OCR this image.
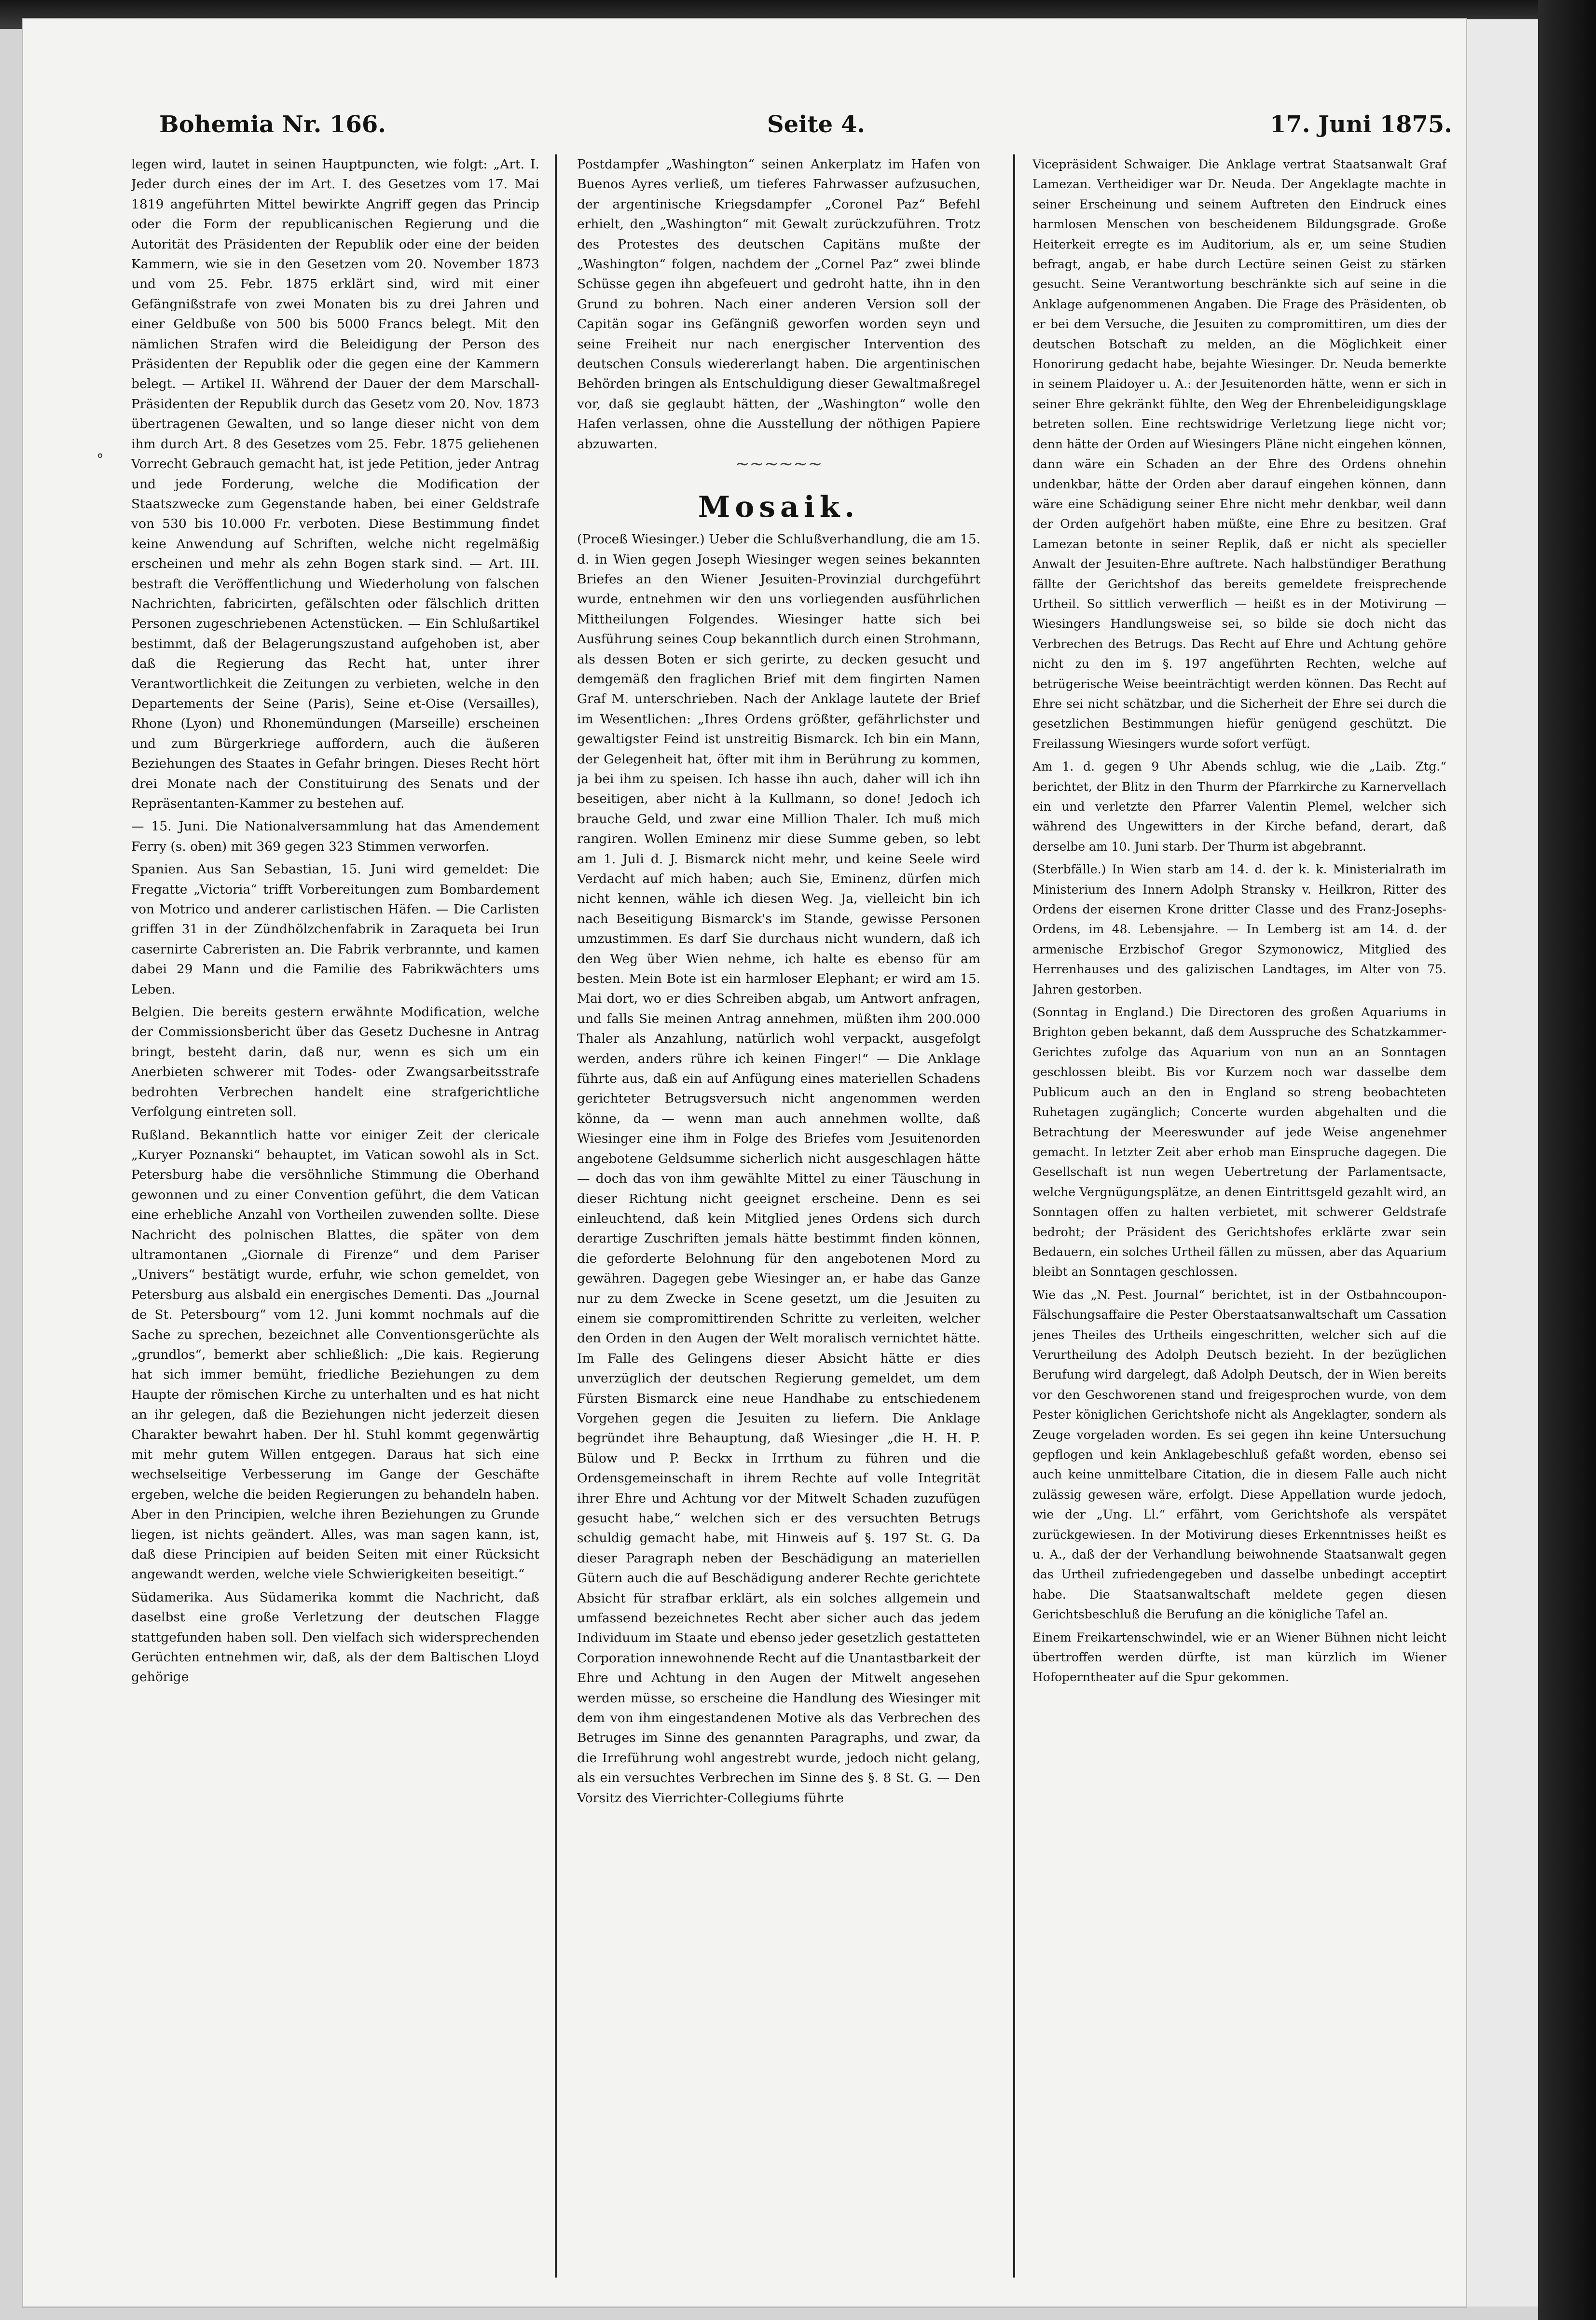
Bohemia Nr. 166.	Seite 4.	17. Juni 1875.
°

legen wird, lautet in seinen Hauptpuncten, wie folgt: „Art. I. Jeder durch eines der im Art. I. des Gesetzes vom 17. Mai 1819 angeführten Mittel bewirkte Angriff gegen das Princip oder die Form der republicanischen Regierung und die Autorität des Präsidenten der Republik oder eine der beiden Kammern, wie sie in den Gesetzen vom 20. November 1873 und vom 25. Febr. 1875 erklärt sind, wird mit einer Gefängnißstrafe von zwei Monaten bis zu drei Jahren und einer Geldbuße von 500 bis 5000 Francs belegt. Mit den nämlichen Strafen wird die Beleidigung der Person des Präsidenten der Republik oder die gegen eine der Kammern belegt. — Artikel II. Während der Dauer der dem Marschall-Präsidenten der Republik durch das Gesetz vom 20. Nov. 1873 übertragenen Gewalten, und so lange dieser nicht von dem ihm durch Art. 8 des Gesetzes vom 25. Febr. 1875 geliehenen Vorrecht Gebrauch gemacht hat, ist jede Petition, jeder Antrag und jede Forderung, welche die Modification der Staatszwecke zum Gegenstande haben, bei einer Geldstrafe von 530 bis 10.000 Fr. verboten. Diese Bestimmung findet keine Anwendung auf Schriften, welche nicht regelmäßig erscheinen und mehr als zehn Bogen stark sind. — Art. III. bestraft die Veröffentlichung und Wiederholung von falschen Nachrichten, fabricirten, gefälschten oder fälschlich dritten Personen zugeschriebenen Actenstücken. — Ein Schlußartikel bestimmt, daß der Belagerungszustand aufgehoben ist, aber daß die Regierung das Recht hat, unter ihrer Verantwortlichkeit die Zeitungen zu verbieten, welche in den Departements der Seine (Paris), Seine et-Oise (Versailles), Rhone (Lyon) und Rhonemündungen (Marseille) erscheinen und zum Bürgerkriege auffordern, auch die äußeren Beziehungen des Staates in Gefahr bringen. Dieses Recht hört drei Monate nach der Constituirung des Senats und der Repräsentanten-Kammer zu bestehen auf.

— 15. Juni. Die Nationalversammlung hat das Amendement Ferry (s. oben) mit 369 gegen 323 Stimmen verworfen.

Spanien. Aus San Sebastian, 15. Juni wird gemeldet: Die Fregatte „Victoria“ trifft Vorbereitungen zum Bombardement von Motrico und anderer carlistischen Häfen. — Die Carlisten griffen 31 in der Zündhölzchenfabrik in Zaraqueta bei Irun casernirte Cabreristen an. Die Fabrik verbrannte, und kamen dabei 29 Mann und die Familie des Fabrikwächters ums Leben.

Belgien. Die bereits gestern erwähnte Modification, welche der Commissionsbericht über das Gesetz Duchesne in Antrag bringt, besteht darin, daß nur, wenn es sich um ein Anerbieten schwerer mit Todes- oder Zwangsarbeitsstrafe bedrohten Verbrechen handelt eine strafgerichtliche Verfolgung eintreten soll.

Rußland. Bekanntlich hatte vor einiger Zeit der clericale „Kuryer Poznanski“ behauptet, im Vatican sowohl als in Sct. Petersburg habe die versöhnliche Stimmung die Oberhand gewonnen und zu einer Convention geführt, die dem Vatican eine erhebliche Anzahl von Vortheilen zuwenden sollte. Diese Nachricht des polnischen Blattes, die später von dem ultramontanen „Giornale di Firenze“ und dem Pariser „Univers“ bestätigt wurde, erfuhr, wie schon gemeldet, von Petersburg aus alsbald ein energisches Dementi. Das „Journal de St. Petersbourg“ vom 12. Juni kommt nochmals auf die Sache zu sprechen, bezeichnet alle Conventionsgerüchte als „grundlos“, bemerkt aber schließlich: „Die kais. Regierung hat sich immer bemüht, friedliche Beziehungen zu dem Haupte der römischen Kirche zu unterhalten und es hat nicht an ihr gelegen, daß die Beziehungen nicht jederzeit diesen Charakter bewahrt haben. Der hl. Stuhl kommt gegenwärtig mit mehr gutem Willen entgegen. Daraus hat sich eine wechselseitige Verbesserung im Gange der Geschäfte ergeben, welche die beiden Regierungen zu behandeln haben. Aber in den Principien, welche ihren Beziehungen zu Grunde liegen, ist nichts geändert. Alles, was man sagen kann, ist, daß diese Principien auf beiden Seiten mit einer Rücksicht angewandt werden, welche viele Schwierigkeiten beseitigt.“

Südamerika. Aus Südamerika kommt die Nachricht, daß daselbst eine große Verletzung der deutschen Flagge stattgefunden haben soll. Den vielfach sich widersprechenden Gerüchten entnehmen wir, daß, als der dem Baltischen Lloyd gehörige

Postdampfer „Washington“ seinen Ankerplatz im Hafen von Buenos Ayres verließ, um tieferes Fahrwasser aufzusuchen, der argentinische Kriegsdampfer „Coronel Paz“ Befehl erhielt, den „Washington“ mit Gewalt zurückzuführen. Trotz des Protestes des deutschen Capitäns mußte der „Washington“ folgen, nachdem der „Cornel Paz“ zwei blinde Schüsse gegen ihn abgefeuert und gedroht hatte, ihn in den Grund zu bohren. Nach einer anderen Version soll der Capitän sogar ins Gefängniß geworfen worden seyn und seine Freiheit nur nach energischer Intervention des deutschen Consuls wiedererlangt haben. Die argentinischen Behörden bringen als Entschuldigung dieser Gewaltmaßregel vor, daß sie geglaubt hätten, der „Washington“ wolle den Hafen verlassen, ohne die Ausstellung der nöthigen Papiere abzuwarten.

∼∼∼∼∼∼
Mosaik.

(Proceß Wiesinger.) Ueber die Schlußverhandlung, die am 15. d. in Wien gegen Joseph Wiesinger wegen seines bekannten Briefes an den Wiener Jesuiten-Provinzial durchgeführt wurde, entnehmen wir den uns vorliegenden ausführlichen Mittheilungen Folgendes. Wiesinger hatte sich bei Ausführung seines Coup bekanntlich durch einen Strohmann, als dessen Boten er sich gerirte, zu decken gesucht und demgemäß den fraglichen Brief mit dem fingirten Namen Graf M. unterschrieben. Nach der Anklage lautete der Brief im Wesentlichen: „Ihres Ordens größter, gefährlichster und gewaltigster Feind ist unstreitig Bismarck. Ich bin ein Mann, der Gelegenheit hat, öfter mit ihm in Berührung zu kommen, ja bei ihm zu speisen. Ich hasse ihn auch, daher will ich ihn beseitigen, aber nicht à la Kullmann, so done! Jedoch ich brauche Geld, und zwar eine Million Thaler. Ich muß mich rangiren. Wollen Eminenz mir diese Summe geben, so lebt am 1. Juli d. J. Bismarck nicht mehr, und keine Seele wird Verdacht auf mich haben; auch Sie, Eminenz, dürfen mich nicht kennen, wähle ich diesen Weg. Ja, vielleicht bin ich nach Beseitigung Bismarck's im Stande, gewisse Personen umzustimmen. Es darf Sie durchaus nicht wundern, daß ich den Weg über Wien nehme, ich halte es ebenso für am besten. Mein Bote ist ein harmloser Elephant; er wird am 15. Mai dort, wo er dies Schreiben abgab, um Antwort anfragen, und falls Sie meinen Antrag annehmen, müßten ihm 200.000 Thaler als Anzahlung, natürlich wohl verpackt, ausgefolgt werden, anders rühre ich keinen Finger!“ — Die Anklage führte aus, daß ein auf Anfügung eines materiellen Schadens gerichteter Betrugsversuch nicht angenommen werden könne, da — wenn man auch annehmen wollte, daß Wiesinger eine ihm in Folge des Briefes vom Jesuitenorden angebotene Geldsumme sicherlich nicht ausgeschlagen hätte — doch das von ihm gewählte Mittel zu einer Täuschung in dieser Richtung nicht geeignet erscheine. Denn es sei einleuchtend, daß kein Mitglied jenes Ordens sich durch derartige Zuschriften jemals hätte bestimmt finden können, die geforderte Belohnung für den angebotenen Mord zu gewähren. Dagegen gebe Wiesinger an, er habe das Ganze nur zu dem Zwecke in Scene gesetzt, um die Jesuiten zu einem sie compromittirenden Schritte zu verleiten, welcher den Orden in den Augen der Welt moralisch vernichtet hätte. Im Falle des Gelingens dieser Absicht hätte er dies unverzüglich der deutschen Regierung gemeldet, um dem Fürsten Bismarck eine neue Handhabe zu entschiedenem Vorgehen gegen die Jesuiten zu liefern. Die Anklage begründet ihre Behauptung, daß Wiesinger „die H. H. P. Bülow und P. Beckx in Irrthum zu führen und die Ordensgemeinschaft in ihrem Rechte auf volle Integrität ihrer Ehre und Achtung vor der Mitwelt Schaden zuzufügen gesucht habe,“ welchen sich er des versuchten Betrugs schuldig gemacht habe, mit Hinweis auf §. 197 St. G. Da dieser Paragraph neben der Beschädigung an materiellen Gütern auch die auf Beschädigung anderer Rechte gerichtete Absicht für strafbar erklärt, als ein solches allgemein und umfassend bezeichnetes Recht aber sicher auch das jedem Individuum im Staate und ebenso jeder gesetzlich gestatteten Corporation innewohnende Recht auf die Unantastbarkeit der Ehre und Achtung in den Augen der Mitwelt angesehen werden müsse, so erscheine die Handlung des Wiesinger mit dem von ihm eingestandenen Motive als das Verbrechen des Betruges im Sinne des genannten Paragraphs, und zwar, da die Irreführung wohl angestrebt wurde, jedoch nicht gelang, als ein versuchtes Verbrechen im Sinne des §. 8 St. G. — Den Vorsitz des Vierrichter-Collegiums führte

Vicepräsident Schwaiger. Die Anklage vertrat Staatsanwalt Graf Lamezan. Vertheidiger war Dr. Neuda. Der Angeklagte machte in seiner Erscheinung und seinem Auftreten den Eindruck eines harmlosen Menschen von bescheidenem Bildungsgrade. Große Heiterkeit erregte es im Auditorium, als er, um seine Studien befragt, angab, er habe durch Lectüre seinen Geist zu stärken gesucht. Seine Verantwortung beschränkte sich auf seine in die Anklage aufgenommenen Angaben. Die Frage des Präsidenten, ob er bei dem Versuche, die Jesuiten zu compromittiren, um dies der deutschen Botschaft zu melden, an die Möglichkeit einer Honorirung gedacht habe, bejahte Wiesinger. Dr. Neuda bemerkte in seinem Plaidoyer u. A.: der Jesuitenorden hätte, wenn er sich in seiner Ehre gekränkt fühlte, den Weg der Ehrenbeleidigungsklage betreten sollen. Eine rechtswidrige Verletzung liege nicht vor; denn hätte der Orden auf Wiesingers Pläne nicht eingehen können, dann wäre ein Schaden an der Ehre des Ordens ohnehin undenkbar, hätte der Orden aber darauf eingehen können, dann wäre eine Schädigung seiner Ehre nicht mehr denkbar, weil dann der Orden aufgehört haben müßte, eine Ehre zu besitzen. Graf Lamezan betonte in seiner Replik, daß er nicht als specieller Anwalt der Jesuiten-Ehre auftrete. Nach halbstündiger Berathung fällte der Gerichtshof das bereits gemeldete freisprechende Urtheil. So sittlich verwerflich — heißt es in der Motivirung — Wiesingers Handlungsweise sei, so bilde sie doch nicht das Verbrechen des Betrugs. Das Recht auf Ehre und Achtung gehöre nicht zu den im §. 197 angeführten Rechten, welche auf betrügerische Weise beeinträchtigt werden können. Das Recht auf Ehre sei nicht schätzbar, und die Sicherheit der Ehre sei durch die gesetzlichen Bestimmungen hiefür genügend geschützt. Die Freilassung Wiesingers wurde sofort verfügt.

Am 1. d. gegen 9 Uhr Abends schlug, wie die „Laib. Ztg.“ berichtet, der Blitz in den Thurm der Pfarrkirche zu Karnervellach ein und verletzte den Pfarrer Valentin Plemel, welcher sich während des Ungewitters in der Kirche befand, derart, daß derselbe am 10. Juni starb. Der Thurm ist abgebrannt.

(Sterbfälle.) In Wien starb am 14. d. der k. k. Ministerialrath im Ministerium des Innern Adolph Stransky v. Heilkron, Ritter des Ordens der eisernen Krone dritter Classe und des Franz-Josephs-Ordens, im 48. Lebensjahre. — In Lemberg ist am 14. d. der armenische Erzbischof Gregor Szymonowicz, Mitglied des Herrenhauses und des galizischen Landtages, im Alter von 75. Jahren gestorben.

(Sonntag in England.) Die Directoren des großen Aquariums in Brighton geben bekannt, daß dem Ausspruche des Schatzkammer-Gerichtes zufolge das Aquarium von nun an an Sonntagen geschlossen bleibt. Bis vor Kurzem noch war dasselbe dem Publicum auch an den in England so streng beobachteten Ruhetagen zugänglich; Concerte wurden abgehalten und die Betrachtung der Meereswunder auf jede Weise angenehmer gemacht. In letzter Zeit aber erhob man Einspruche dagegen. Die Gesellschaft ist nun wegen Uebertretung der Parlamentsacte, welche Vergnügungsplätze, an denen Eintrittsgeld gezahlt wird, an Sonntagen offen zu halten verbietet, mit schwerer Geldstrafe bedroht; der Präsident des Gerichtshofes erklärte zwar sein Bedauern, ein solches Urtheil fällen zu müssen, aber das Aquarium bleibt an Sonntagen geschlossen.

Wie das „N. Pest. Journal“ berichtet, ist in der Ostbahncoupon-Fälschungsaffaire die Pester Oberstaatsanwaltschaft um Cassation jenes Theiles des Urtheils eingeschritten, welcher sich auf die Verurtheilung des Adolph Deutsch bezieht. In der bezüglichen Berufung wird dargelegt, daß Adolph Deutsch, der in Wien bereits vor den Geschworenen stand und freigesprochen wurde, von dem Pester königlichen Gerichtshofe nicht als Angeklagter, sondern als Zeuge vorgeladen worden. Es sei gegen ihn keine Untersuchung gepflogen und kein Anklagebeschluß gefaßt worden, ebenso sei auch keine unmittelbare Citation, die in diesem Falle auch nicht zulässig gewesen wäre, erfolgt. Diese Appellation wurde jedoch, wie der „Ung. Ll.“ erfährt, vom Gerichtshofe als verspätet zurückgewiesen. In der Motivirung dieses Erkenntnisses heißt es u. A., daß der der Verhandlung beiwohnende Staatsanwalt gegen das Urtheil zufriedengegeben und dasselbe unbedingt acceptirt habe. Die Staatsanwaltschaft meldete gegen diesen Gerichtsbeschluß die Berufung an die königliche Tafel an.

Einem Freikartenschwindel, wie er an Wiener Bühnen nicht leicht übertroffen werden dürfte, ist man kürzlich im Wiener Hofoperntheater auf die Spur gekommen.
